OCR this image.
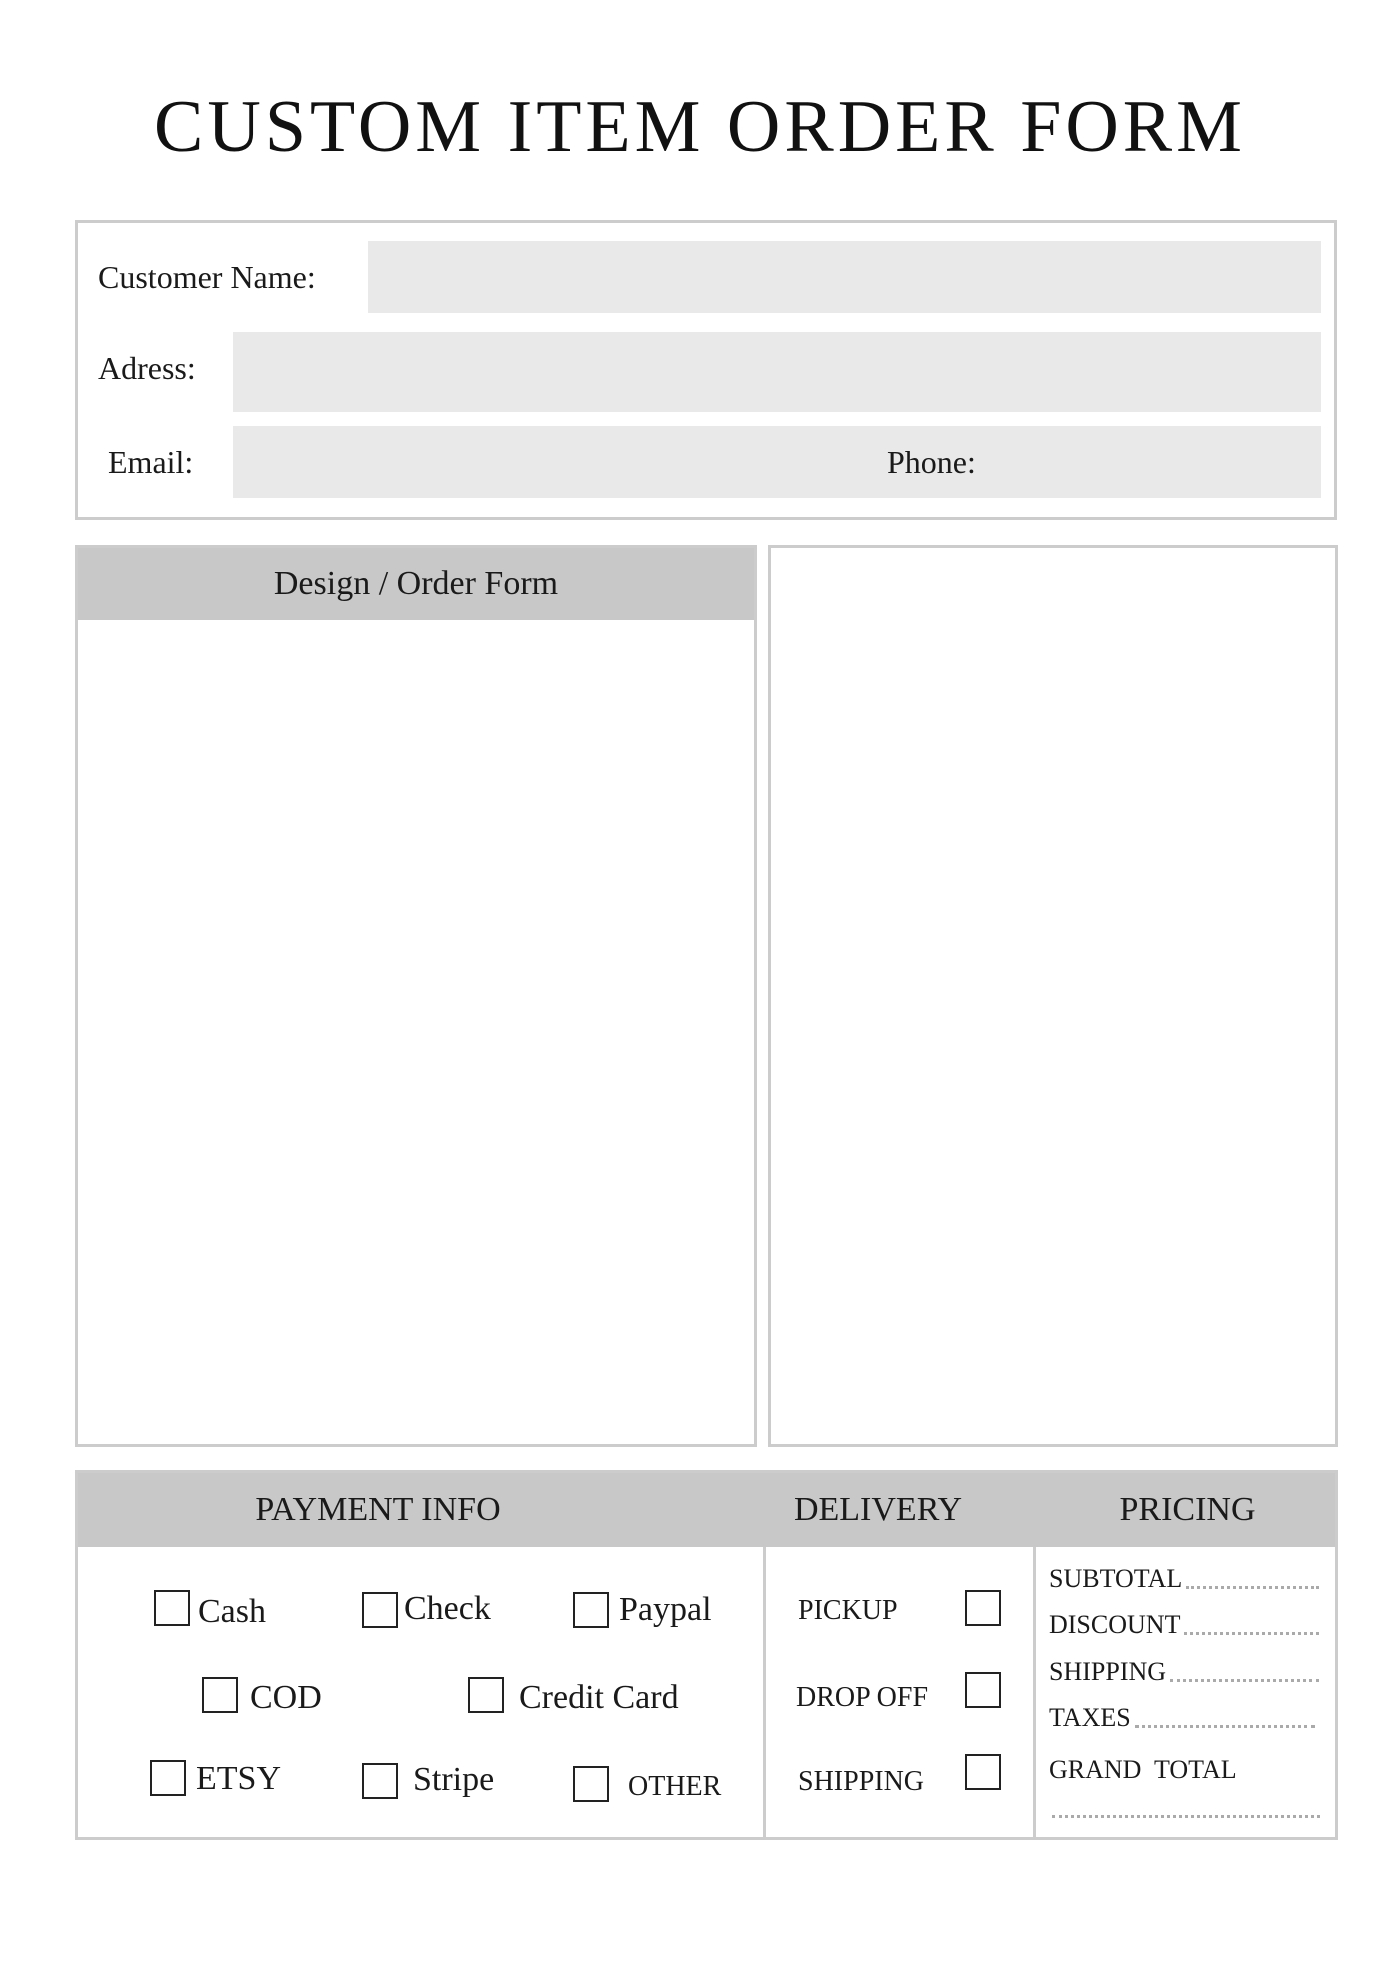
CUSTOM ITEM ORDER FORM
Customer Name:
Adress:
Email:	Phone:
Design / Order Form
PAYMENT INFO	DELIVERY	PRICING
Cash	Check	Paypal
COD	Credit Card
ETSY	Stripe	OTHER
PICKUP
DROP OFF
SHIPPING
SUBTOTAL
DISCOUNT
SHIPPING
TAXES
GRAND  TOTAL
